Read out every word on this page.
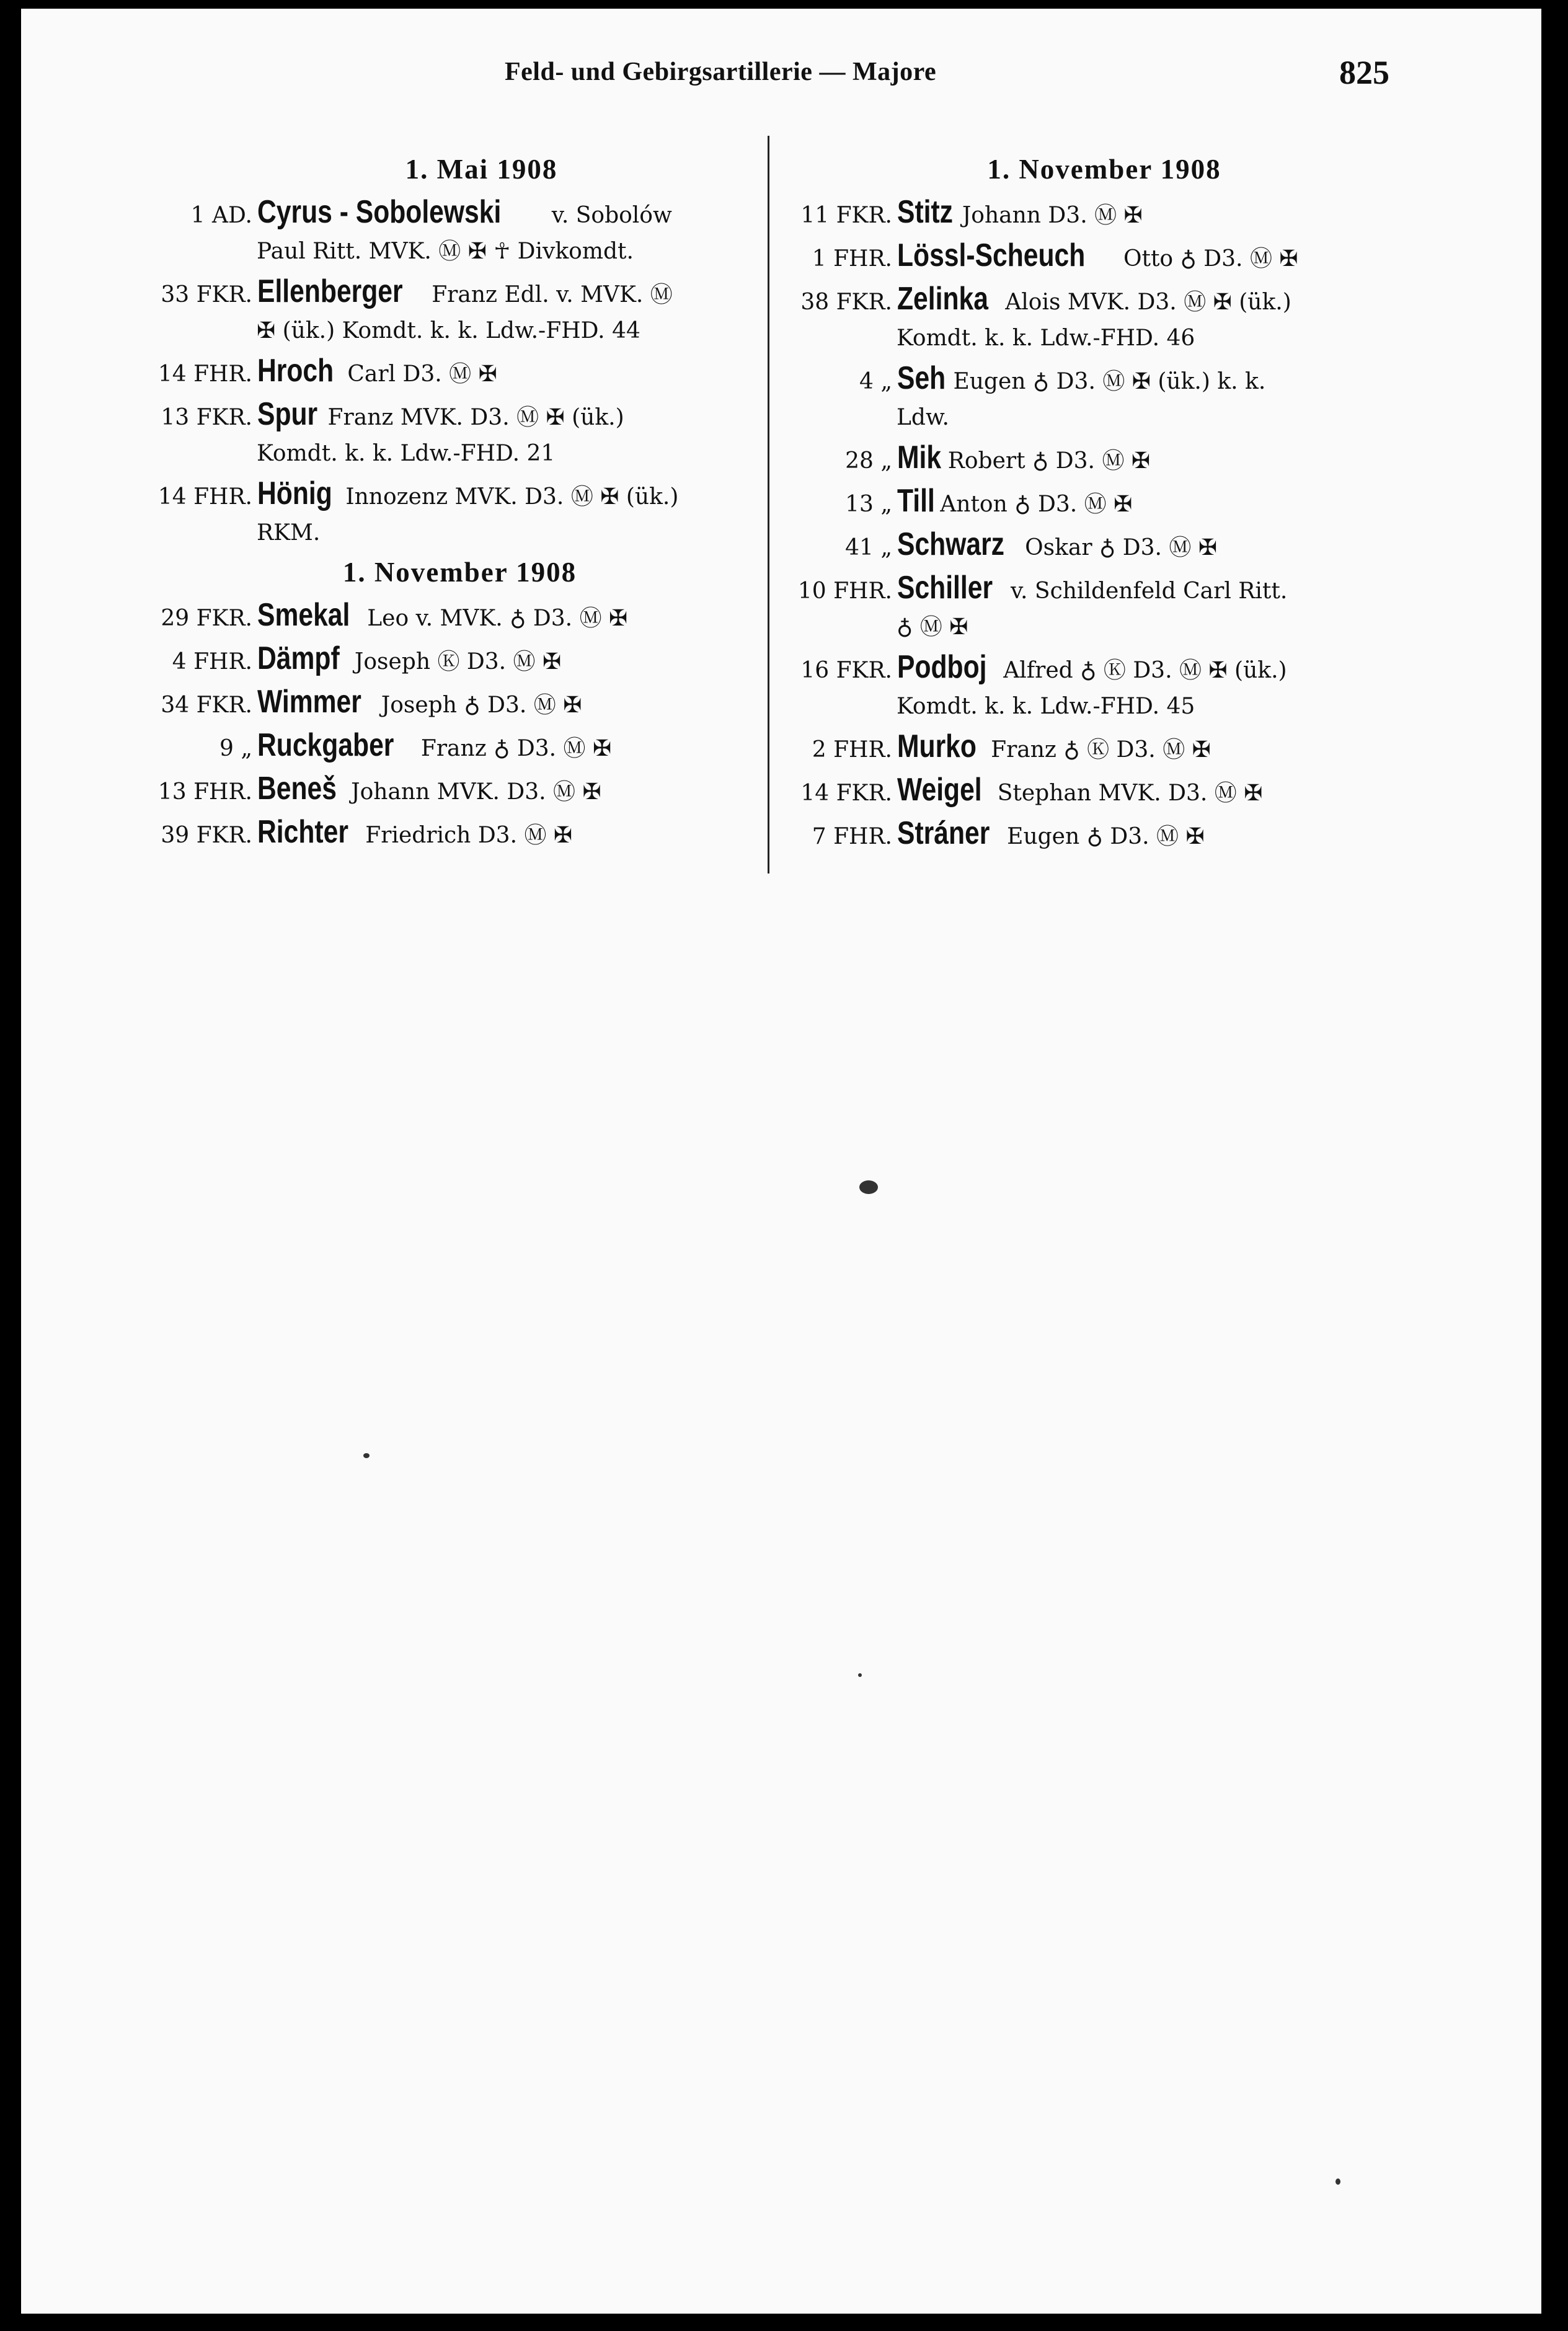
Feld- und Gebirgsartillerie — Majore	825
1. Mai 1908
1 AD. Cyrus - Sobolewski v. Sobolów
Paul Ritt. MVK. Ⓜ ✠ ☥ Divkomdt.
33 FKR. Ellenberger Franz Edl. v. MVK. Ⓜ
✠ (ük.) Komdt. k. k. Ldw.-FHD. 44
14 FHR. Hroch Carl D3. Ⓜ ✠
13 FKR. Spur Franz MVK. D3. Ⓜ ✠ (ük.)
Komdt. k. k. Ldw.-FHD. 21
14 FHR. Hönig Innozenz MVK. D3. Ⓜ ✠ (ük.)
RKM.
1. November 1908
29 FKR. Smekal Leo v. MVK. ♁ D3. Ⓜ ✠
4 FHR. Dämpf Joseph Ⓚ D3. Ⓜ ✠
34 FKR. Wimmer Joseph ♁ D3. Ⓜ ✠
9 „ Ruckgaber Franz ♁ D3. Ⓜ ✠
13 FHR. Beneš Johann MVK. D3. Ⓜ ✠
39 FKR. Richter Friedrich D3. Ⓜ ✠
1. November 1908
11 FKR. Stitz Johann D3. Ⓜ ✠
1 FHR. Lössl-Scheuch Otto ♁ D3. Ⓜ ✠
38 FKR. Zelinka Alois MVK. D3. Ⓜ ✠ (ük.)
Komdt. k. k. Ldw.-FHD. 46
4 „ Seh Eugen ♁ D3. Ⓜ ✠ (ük.) k. k.
Ldw.
28 „ Mik Robert ♁ D3. Ⓜ ✠
13 „ Till Anton ♁ D3. Ⓜ ✠
41 „ Schwarz Oskar ♁ D3. Ⓜ ✠
10 FHR. Schiller v. Schildenfeld Carl Ritt.
♁ Ⓜ ✠
16 FKR. Podboj Alfred ♁ Ⓚ D3. Ⓜ ✠ (ük.)
Komdt. k. k. Ldw.-FHD. 45
2 FHR. Murko Franz ♁ Ⓚ D3. Ⓜ ✠
14 FKR. Weigel Stephan MVK. D3. Ⓜ ✠
7 FHR. Stráner Eugen ♁ D3. Ⓜ ✠
